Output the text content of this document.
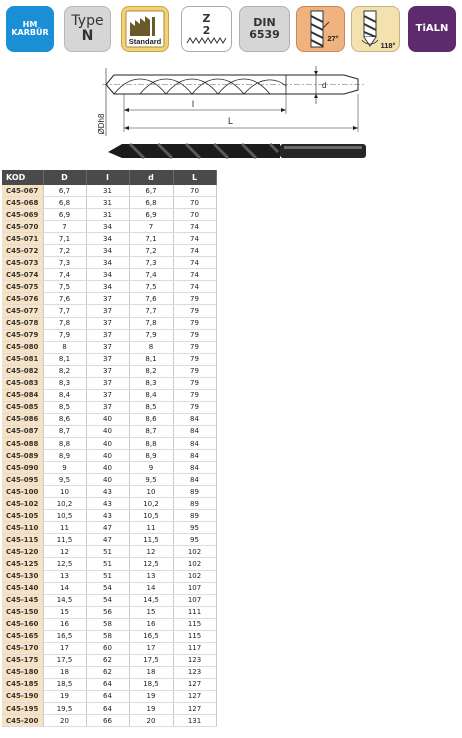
HM
KARBÜR
Type
N	Standard
Z
2
DIN
6539	27°
118°
TiALN
ØDh8
d
l
L
KOD	D	l	d	L
C45-067	6,7	31	6,7	70
C45-068	6,8	31	6,8	70
C45-069	6,9	31	6,9	70
C45-070	7	34	7	74
C45-071	7,1	34	7,1	74
C45-072	7,2	34	7,2	74
C45-073	7,3	34	7,3	74
C45-074	7,4	34	7,4	74
C45-075	7,5	34	7,5	74
C45-076	7,6	37	7,6	79
C45-077	7,7	37	7,7	79
C45-078	7,8	37	7,8	79
C45-079	7,9	37	7,9	79
C45-080	8	37	8	79
C45-081	8,1	37	8,1	79
C45-082	8,2	37	8,2	79
C45-083	8,3	37	8,3	79
C45-084	8,4	37	8,4	79
C45-085	8,5	37	8,5	79
C45-086	8,6	40	8,6	84
C45-087	8,7	40	8,7	84
C45-088	8,8	40	8,8	84
C45-089	8,9	40	8,9	84
C45-090	9	40	9	84
C45-095	9,5	40	9,5	84
C45-100	10	43	10	89
C45-102	10,2	43	10,2	89
C45-105	10,5	43	10,5	89
C45-110	11	47	11	95
C45-115	11,5	47	11,5	95
C45-120	12	51	12	102
C45-125	12,5	51	12,5	102
C45-130	13	51	13	102
C45-140	14	54	14	107
C45-145	14,5	54	14,5	107
C45-150	15	56	15	111
C45-160	16	58	16	115
C45-165	16,5	58	16,5	115
C45-170	17	60	17	117
C45-175	17,5	62	17,5	123
C45-180	18	62	18	123
C45-185	18,5	64	18,5	127
C45-190	19	64	19	127
C45-195	19,5	64	19	127
C45-200	20	66	20	131
